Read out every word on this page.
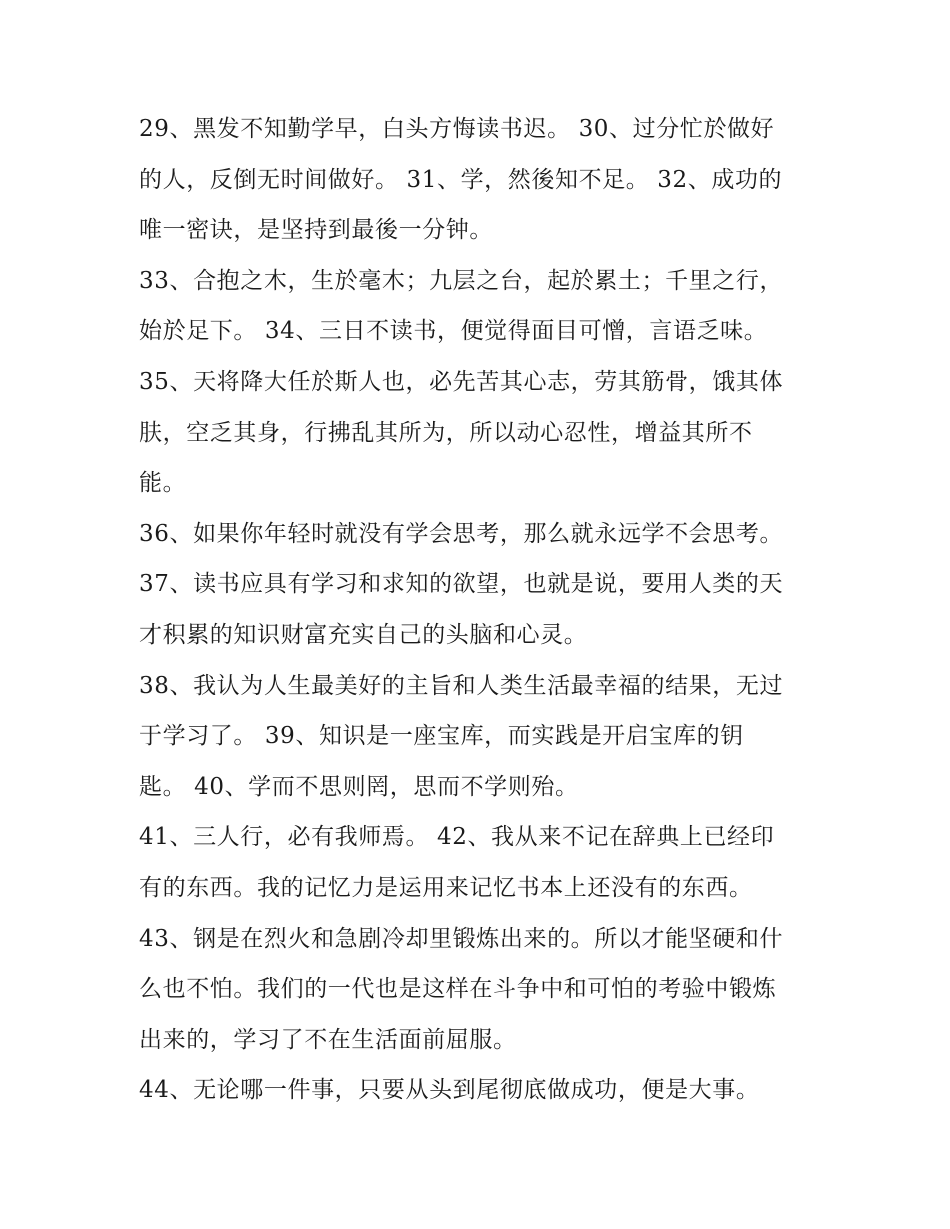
29、黑发不知勤学早，白头方悔读书迟。 30、过分忙於做好
的人，反倒无时间做好。 31、学，然後知不足。 32、成功的
唯一密诀，是坚持到最後一分钟。
33、合抱之木，生於毫木；九层之台，起於累土；千里之行，
始於足下。 34、三日不读书，便觉得面目可憎，言语乏味。
35、天将降大任於斯人也，必先苦其心志，劳其筋骨，饿其体
肤，空乏其身，行拂乱其所为，所以动心忍性，增益其所不
能。
36、如果你年轻时就没有学会思考，那么就永远学不会思考。
37、读书应具有学习和求知的欲望，也就是说，要用人类的天
才积累的知识财富充实自己的头脑和心灵。
38、我认为人生最美好的主旨和人类生活最幸福的结果，无过
于学习了。 39、知识是一座宝库，而实践是开启宝库的钥
匙。 40、学而不思则罔，思而不学则殆。
41、三人行，必有我师焉。 42、我从来不记在辞典上已经印
有的东西。我的记忆力是运用来记忆书本上还没有的东西。
43、钢是在烈火和急剧冷却里锻炼出来的。所以才能坚硬和什
么也不怕。我们的一代也是这样在斗争中和可怕的考验中锻炼
出来的，学习了不在生活面前屈服。
44、无论哪一件事，只要从头到尾彻底做成功，便是大事。
